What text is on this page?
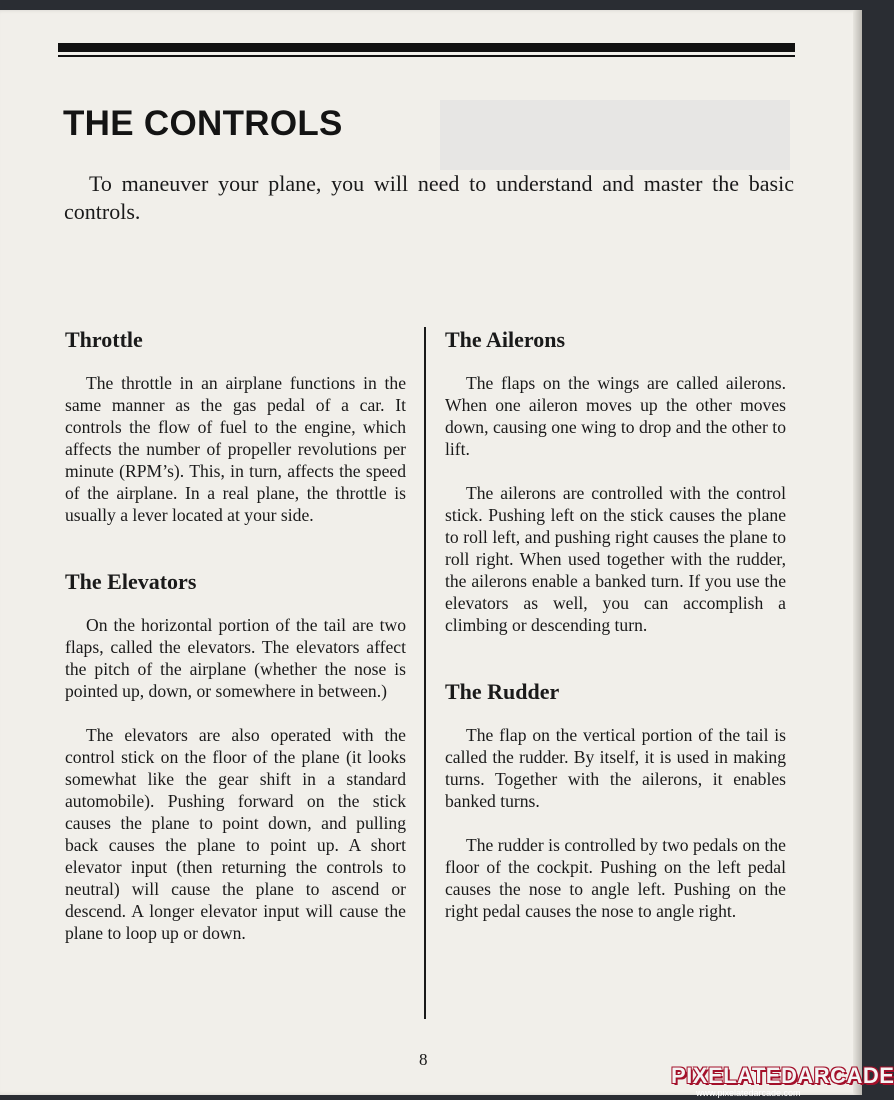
THE CONTROLS

To maneuver your plane, you will need to understand and master the basic controls.

Throttle

The throttle in an airplane functions in the same manner as the gas pedal of a car. It controls the flow of fuel to the engine, which affects the number of propeller revolutions per minute (RPM’s). This, in turn, affects the speed of the airplane. In a real plane, the throttle is usually a lever located at your side.

The Elevators

On the horizontal portion of the tail are two flaps, called the elevators. The elevators affect the pitch of the airplane (whether the nose is pointed up, down, or somewhere in between.)

The elevators are also operated with the control stick on the floor of the plane (it looks somewhat like the gear shift in a standard automobile). Pushing forward on the stick causes the plane to point down, and pulling back causes the plane to point up. A short elevator input (then returning the controls to neutral) will cause the plane to ascend or descend. A longer elevator input will cause the plane to loop up or down.

The Ailerons

The flaps on the wings are called ailerons. When one aileron moves up the other moves down, causing one wing to drop and the other to lift.

The ailerons are controlled with the control stick. Pushing left on the stick causes the plane to roll left, and pushing right causes the plane to roll right. When used together with the rudder, the ailerons enable a banked turn. If you use the elevators as well, you can accomplish a climbing or descending turn.

The Rudder

The flap on the vertical portion of the tail is called the rudder. By itself, it is used in making turns. Together with the ailerons, it enables banked turns.

The rudder is controlled by two pedals on the floor of the cockpit. Pushing on the left pedal causes the nose to angle left. Pushing on the right pedal causes the nose to angle right.

8
PIXELATEDARCADE
www.pixelatedarcade.com
